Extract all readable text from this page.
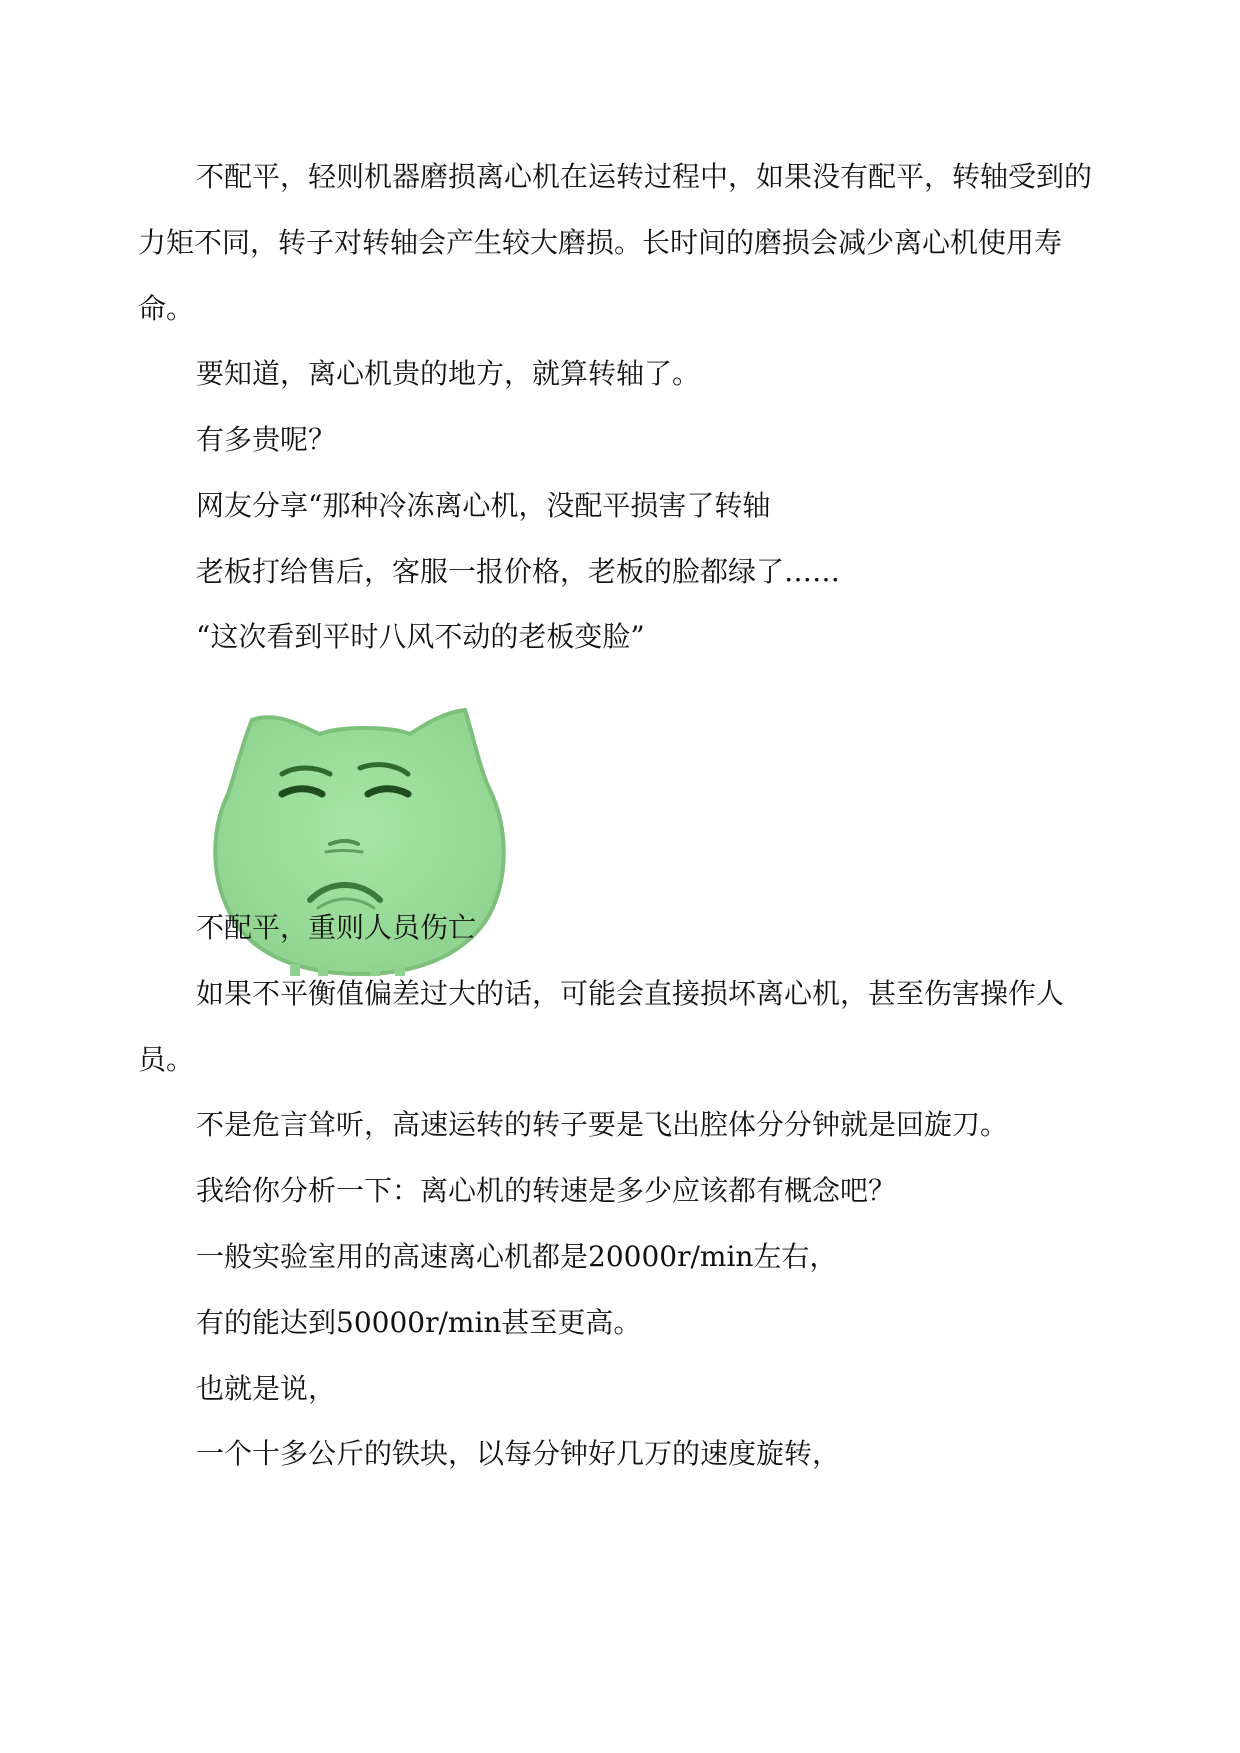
不配平，轻则机器磨损离心机在运转过程中，如果没有配平，转轴受到的力矩不同，转子对转轴会产生较大磨损。长时间的磨损会减少离心机使用寿命。

要知道，离心机贵的地方，就算转轴了。

有多贵呢？

网友分享“那种冷冻离心机，没配平损害了转轴

老板打给售后，客服一报价格，老板的脸都绿了……

“这次看到平时八风不动的老板变脸”

不配平，重则人员伤亡

如果不平衡值偏差过大的话，可能会直接损坏离心机，甚至伤害操作人员。

不是危言耸听，高速运转的转子要是飞出腔体分分钟就是回旋刀。

我给你分析一下：离心机的转速是多少应该都有概念吧？

一般实验室用的高速离心机都是20000r/min左右，

有的能达到50000r/min甚至更高。

也就是说，

一个十多公斤的铁块，以每分钟好几万的速度旋转，
